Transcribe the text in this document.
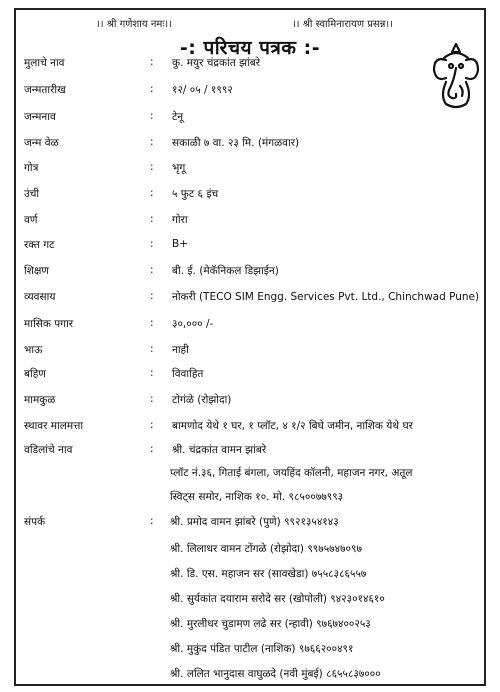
।। श्री गणेशाय नमः।।	।। श्री स्वामिनारायण प्रसन्न।।
-: परिचय पत्रक :-
मुलाचे नाव	: कु. मयुर चंद्रकांत झांबरे
जन्मतारीख	: १२/ ०५ / १९९२
जन्मनाव	: टेनू
जन्म वेळ	: सकाळी ७ वा. २३ मि. (मंगळवार)
गोत्र	: भृगू
उंची	: ५ फुट ६ इंच
वर्ण	: गोरा
रक्त गट	: B+
शिक्षण	: बी. ई. (मेकॅनिकल डिझाईन)
व्यवसाय	: नोकरी (TECO SIM Engg. Services Pvt. Ltd., Chinchwad Pune)
मासिक पगार	: ३०,००० /-
भाऊ	: नाही
बहिण	: विवाहित
मामकुळ	: टोगंळे (रोझोदा)
स्थावर मालमत्ता	: बामणोद येथे १ घर, १ प्लॉट, ४ १/२ बिघे जमीन, नाशिक येथे घर
वडिलांचे नाव	: श्री. चंद्रकांत वामन झांबरे
प्लॉट नं.३६, गिताई बंगला, जयहिंद कॉलनी, महाजन नगर, अतूल
स्विट्स समोर, नाशिक १०. मो. ९८५००७७९९३
संपर्क	: श्री. प्रमोद वामन झांबरे (पुणे) ९९२१३५४१४३
श्री. लिलाधर वामन टोंगळे (रोझोदा) ९९७५७४७०९७
श्री. डि. एस. महाजन सर (सावखेडा) ७५५८३८६५५७
श्री. सुर्यकांत दयाराम सरोदे सर (खोपोली) ९४२३०१४६१०
श्री. मुरलीधर चुडामण लढे सर (न्हावी) ९७६७४००२५३
श्री. मुकुंद पंडित पाटील (नाशिक) ९७६६२००४९१
श्री. ललित भानुदास वाघुळदे (नवी मुंबई) ८६५५८३७०००
